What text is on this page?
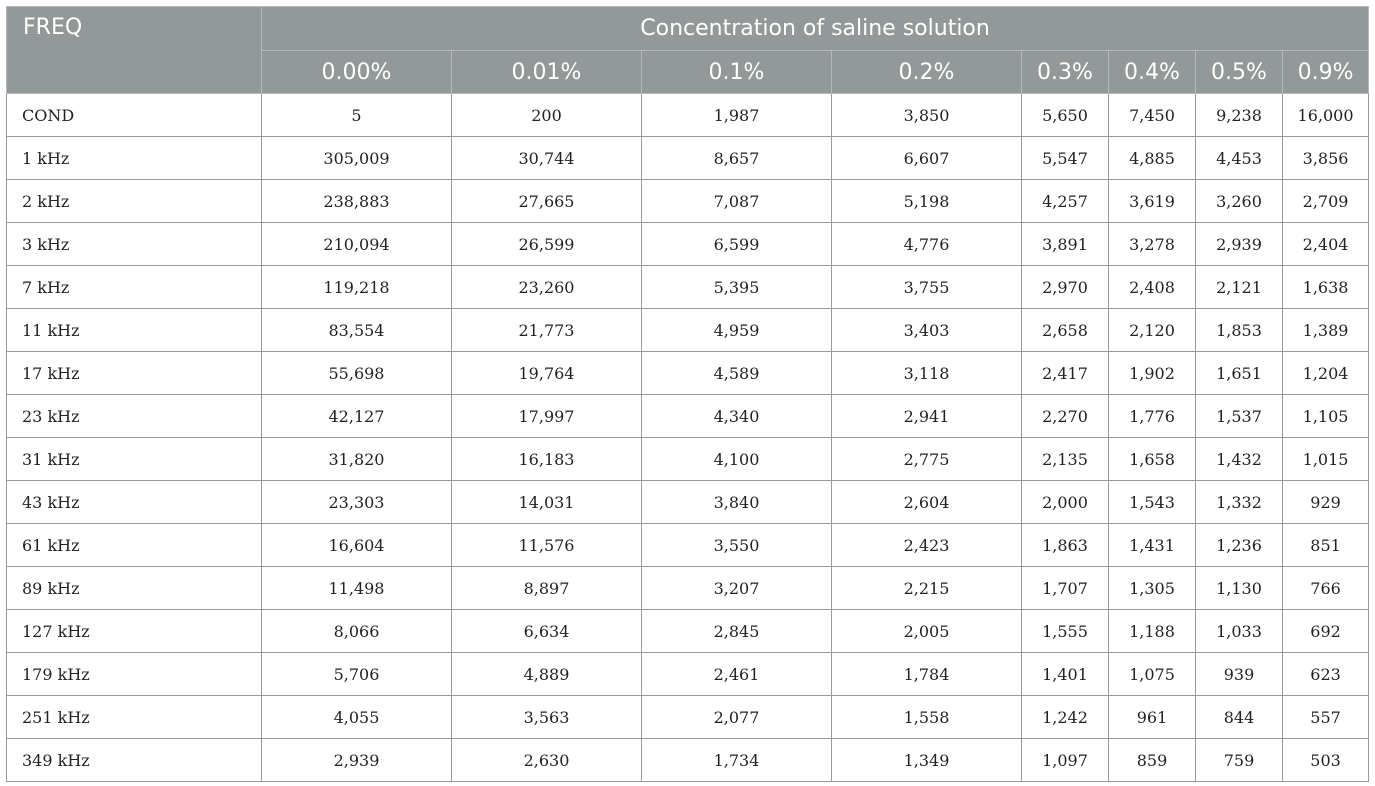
FREQ	Concentration of saline solution							
	0.00%	0.01%	0.1%	0.2%	0.3%	0.4%	0.5%	0.9%
COND	5	200	1,987	3,850	5,650	7,450	9,238	16,000
1 kHz	305,009	30,744	8,657	6,607	5,547	4,885	4,453	3,856
2 kHz	238,883	27,665	7,087	5,198	4,257	3,619	3,260	2,709
3 kHz	210,094	26,599	6,599	4,776	3,891	3,278	2,939	2,404
7 kHz	119,218	23,260	5,395	3,755	2,970	2,408	2,121	1,638
11 kHz	83,554	21,773	4,959	3,403	2,658	2,120	1,853	1,389
17 kHz	55,698	19,764	4,589	3,118	2,417	1,902	1,651	1,204
23 kHz	42,127	17,997	4,340	2,941	2,270	1,776	1,537	1,105
31 kHz	31,820	16,183	4,100	2,775	2,135	1,658	1,432	1,015
43 kHz	23,303	14,031	3,840	2,604	2,000	1,543	1,332	929
61 kHz	16,604	11,576	3,550	2,423	1,863	1,431	1,236	851
89 kHz	11,498	8,897	3,207	2,215	1,707	1,305	1,130	766
127 kHz	8,066	6,634	2,845	2,005	1,555	1,188	1,033	692
179 kHz	5,706	4,889	2,461	1,784	1,401	1,075	939	623
251 kHz	4,055	3,563	2,077	1,558	1,242	961	844	557
349 kHz	2,939	2,630	1,734	1,349	1,097	859	759	503
